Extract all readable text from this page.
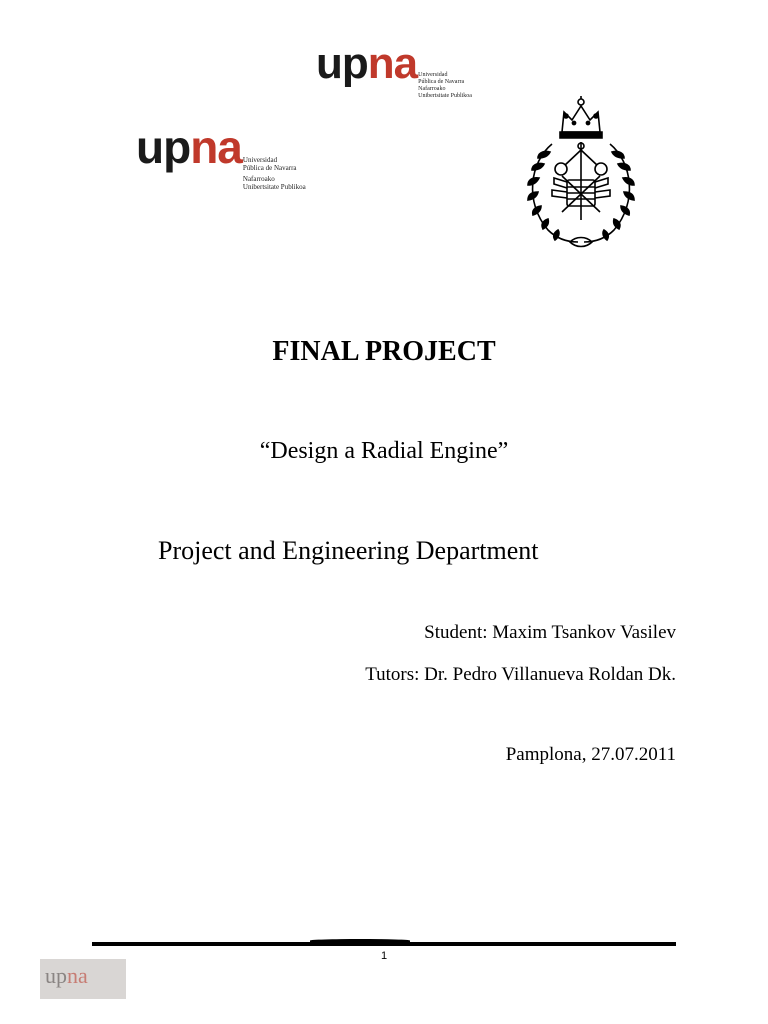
upna Universidad
Pública de Navarra
Nafarroako
Unibertsitate Publikoa
upna Universidad
Pública de Navarra
Nafarroako
Unibertsitate Publikoa
FINAL PROJECT
“Design a Radial Engine”
Project and Engineering Department
Student: Maxim Tsankov Vasilev
Tutors: Dr. Pedro Villanueva Roldan Dk.
Pamplona, 27.07.2011
1
upna
